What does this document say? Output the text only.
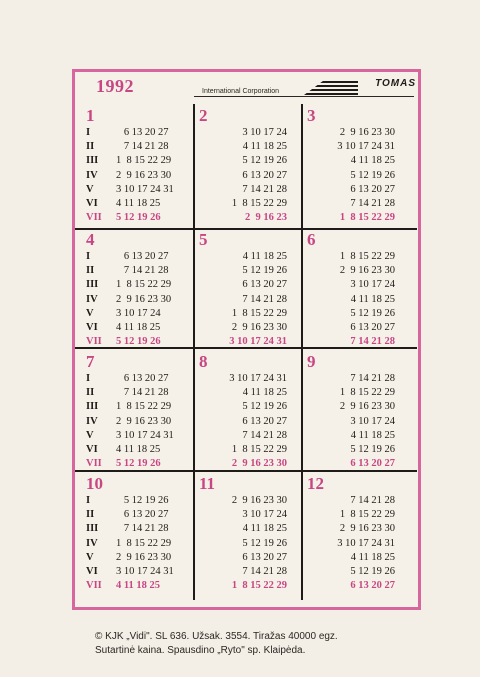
1992	International Corporation
TOMAS
1
I	6 13 20 27
II	7 14 21 28
III	1  8 15 22 29
IV	2  9 16 23 30
V	3 10 17 24 31
VI	4 11 18 25
VII 5 12 19 26
2
3 10 17 24
4 11 18 25
5 12 19 26
6 13 20 27
7 14 21 28
1  8 15 22 29
2  9 16 23
3
2  9 16 23 30
3 10 17 24 31
4 11 18 25
5 12 19 26
6 13 20 27
7 14 21 28
1  8 15 22 29
4
I	6 13 20 27
II	7 14 21 28
III	1  8 15 22 29
IV	2  9 16 23 30
V	3 10 17 24
VI	4 11 18 25
VII 5 12 19 26
5
4 11 18 25
5 12 19 26
6 13 20 27
7 14 21 28
1  8 15 22 29
2  9 16 23 30
3 10 17 24 31
6
1  8 15 22 29
2  9 16 23 30
3 10 17 24
4 11 18 25
5 12 19 26
6 13 20 27
7 14 21 28
7
I	6 13 20 27
II	7 14 21 28
III	1  8 15 22 29
IV	2  9 16 23 30
V	3 10 17 24 31
VI	4 11 18 25
VII 5 12 19 26
8
3 10 17 24 31
4 11 18 25
5 12 19 26
6 13 20 27
7 14 21 28
1  8 15 22 29
2  9 16 23 30
9
7 14 21 28
1  8 15 22 29
2  9 16 23 30
3 10 17 24
4 11 18 25
5 12 19 26
6 13 20 27
10
I	5 12 19 26
II	6 13 20 27
III	7 14 21 28
IV	1  8 15 22 29
V	2  9 16 23 30
VI	3 10 17 24 31
VII 4 11 18 25
11
2  9 16 23 30
3 10 17 24
4 11 18 25
5 12 19 26
6 13 20 27
7 14 21 28
1  8 15 22 29
12
7 14 21 28
1  8 15 22 29
2  9 16 23 30
3 10 17 24 31
4 11 18 25
5 12 19 26
6 13 20 27
© KJK „Vidi". SL 636. Užsak. 3554. Tiražas 40000 egz.
Sutartinė kaina. Spausdino „Ryto" sp. Klaipėda.
